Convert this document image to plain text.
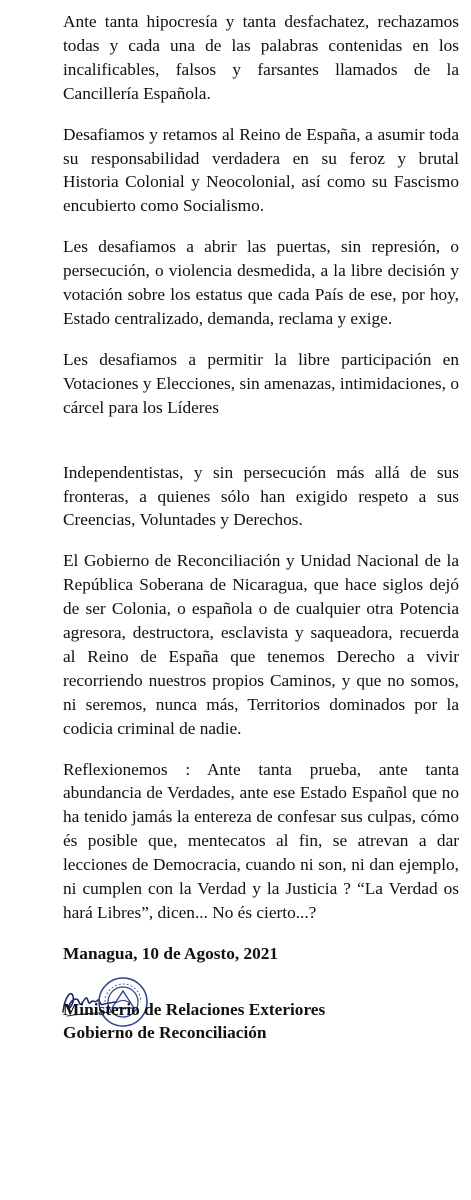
Ante tanta hipocresía y tanta desfachatez, rechazamos todas y cada una de las palabras contenidas en los incalificables, falsos y farsantes llamados de la Cancillería Española.

Desafiamos y retamos al Reino de España, a asumir toda su responsabilidad verdadera en su feroz y brutal Historia Colonial y Neocolonial, así como su Fascismo encubierto como Socialismo.

Les desafiamos a abrir las puertas, sin represión, o persecución, o violencia desmedida, a la libre decisión y votación sobre los estatus que cada País de ese, por hoy, Estado centralizado, demanda, reclama y exige.

Les desafiamos a permitir la libre participación en Votaciones y Elecciones, sin amenazas, intimidaciones, o cárcel para los Líderes

Independentistas, y sin persecución más allá de sus fronteras, a quienes sólo han exigido respeto a sus Creencias, Voluntades y Derechos.

El Gobierno de Reconciliación y Unidad Nacional de la República Soberana de Nicaragua, que hace siglos dejó de ser Colonia, o española o de cualquier otra Potencia agresora, destructora, esclavista y saqueadora, recuerda al Reino de España que tenemos Derecho a vivir recorriendo nuestros propios Caminos, y que no somos, ni seremos, nunca más, Territorios dominados por la codicia criminal de nadie.

Reflexionemos : Ante tanta prueba, ante tanta abundancia de Verdades, ante ese Estado Español que no ha tenido jamás la entereza de confesar sus culpas, cómo és posible que, mentecatos al fin, se atrevan a dar lecciones de Democracia, cuando ni son, ni dan ejemplo, ni cumplen con la Verdad y la Justicia ? “La Verdad os hará Libres”, dicen... No és cierto...?

Managua, 10 de Agosto, 2021

Ministerio de Relaciones Exteriores

Gobierno de Reconciliación
